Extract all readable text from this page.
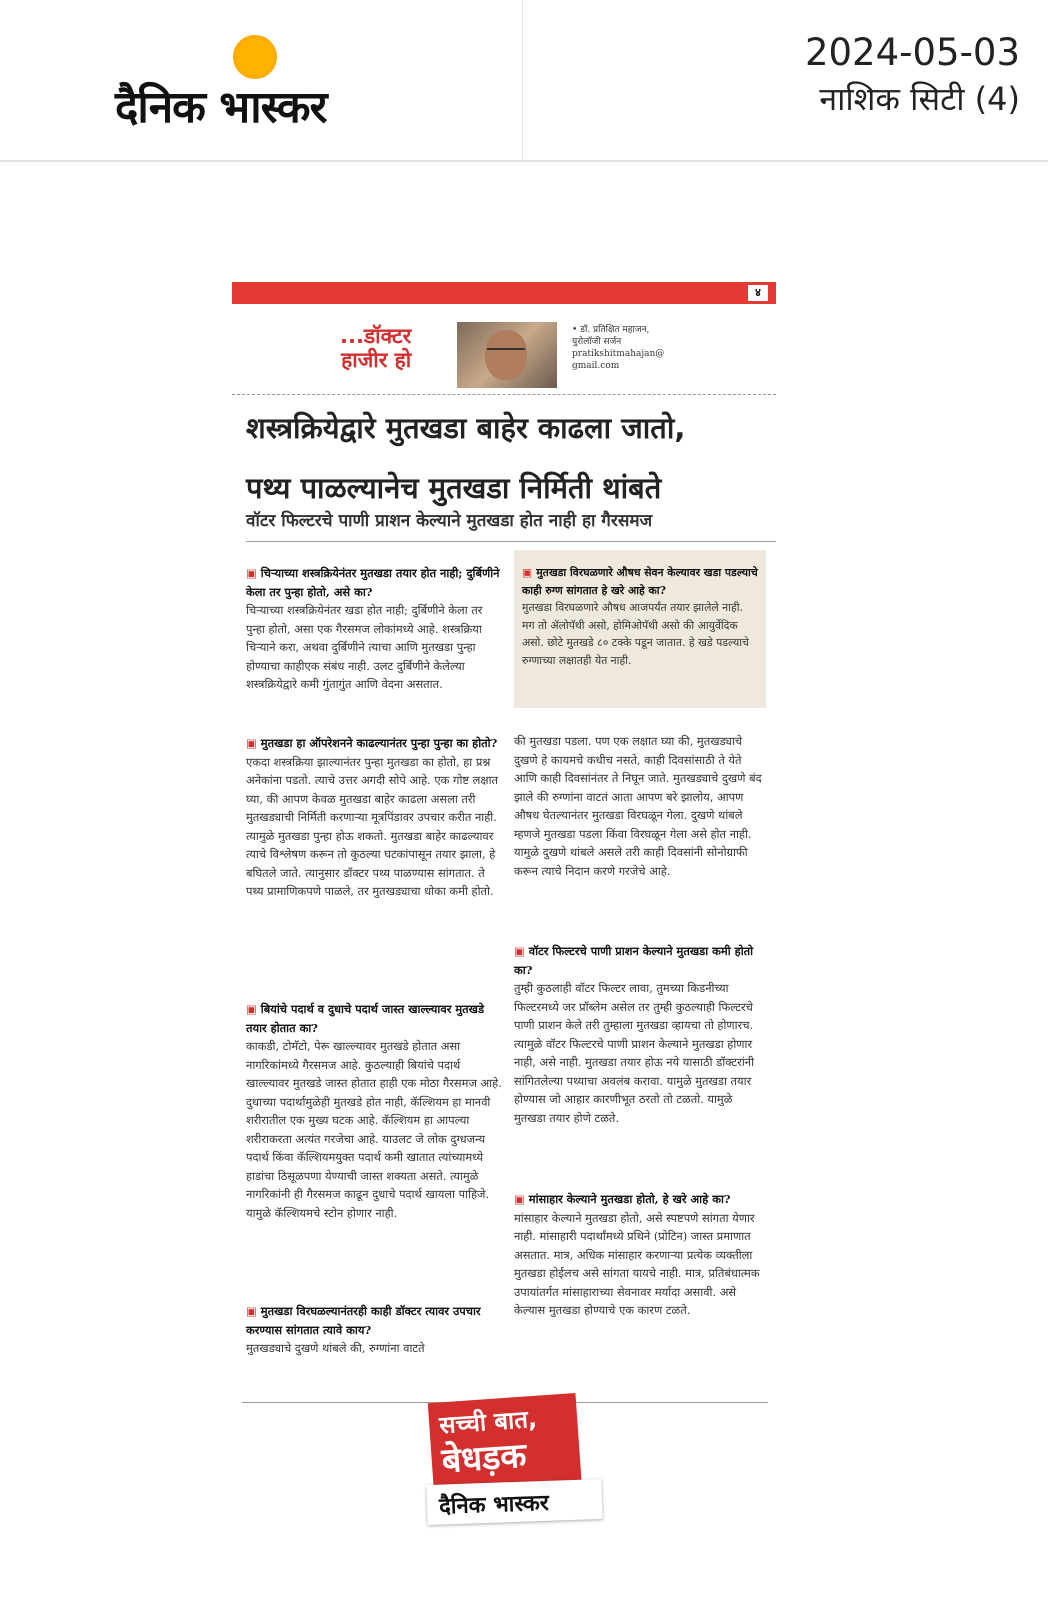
दैनिक भास्कर
2024-05-03
नाशिक सिटी (4)
४
...डॉक्टर
हाजीर हो
• डॉ. प्रतिक्षित महाजन,
युरोलॉजी सर्जन
pratikshitmahajan@
gmail.com
शस्त्रक्रियेद्वारे मुतखडा बाहेर काढला जातो,
पथ्य पाळल्यानेच मुतखडा निर्मिती थांबते
वॉटर फिल्टरचे पाणी प्राशन केल्याने मुतखडा होत नाही हा गैरसमज
▣ चिऱ्याच्या शस्त्रक्रियेनंतर मुतखडा तयार होत नाही; दुर्बिणीने केला तर पुन्हा होतो, असे का?
चिऱ्याच्या शस्त्रक्रियेनंतर खडा होत नाही; दुर्बिणीने केला तर पुन्हा होतो, असा एक गैरसमज लोकांमध्ये आहे. शस्त्रक्रिया चिऱ्याने करा, अथवा दुर्बिणीने त्याचा आणि मुतखडा पुन्हा होण्याचा काहीएक संबंध नाही. उलट दुर्बिणीने केलेल्या शस्त्रक्रियेद्वारे कमी गुंतागुंत आणि वेदना असतात.
▣ मुतखडा हा ऑपरेशनने काढल्यानंतर पुन्हा पुन्हा का होतो?
एकदा शस्त्रक्रिया झाल्यानंतर पुन्हा मुतखडा का होतो, हा प्रश्न अनेकांना पडतो. त्याचे उत्तर अगदी सोपे आहे. एक गोष्ट लक्षात घ्या, की आपण केवळ मुतखडा बाहेर काढला असला तरी मुतखड्याची निर्मिती करणाऱ्या मूत्रपिंडावर उपचार करीत नाही. त्यामुळे मुतखडा पुन्हा होऊ शकतो. मुतखडा बाहेर काढल्यावर त्याचे विश्लेषण करून तो कुठल्या घटकांपासून तयार झाला, हे बघितले जाते. त्यानुसार डॉक्टर पथ्य पाळण्यास सांगतात. ते पथ्य प्रामाणिकपणे पाळले, तर मुतखड्याचा धोका कमी होतो.
▣ बियांचे पदार्थ व दुधाचे पदार्थ जास्त खाल्ल्यावर मुतखडे तयार होतात का?
काकडी, टोमॅटो, पेरू खाल्ल्यावर मुतखडे होतात असा नागरिकांमध्ये गैरसमज आहे. कुठल्याही बियांचे पदार्थ खाल्ल्यावर मुतखडे जास्त होतात हाही एक मोठा गैरसमज आहे. दुधाच्या पदार्थामुळेही मुतखडे होत नाही, कॅल्शियम हा मानवी शरीरातील एक मुख्य घटक आहे. कॅल्शियम हा आपल्या शरीराकरता अत्यंत गरजेचा आहे. याउलट जे लोक दुग्धजन्य पदार्थ किंवा कॅल्शियमयुक्त पदार्थ कमी खातात त्यांच्यामध्ये हाडांचा ठिसूळपणा येण्याची जास्त शक्यता असते. त्यामुळे नागरिकांनी ही गैरसमज काढून दुधाचे पदार्थ खायला पाहिजे. यामुळे कॅल्शियमचे स्टोन होणार नाही.
▣ मुतखडा विरघळल्यानंतरही काही डॉक्टर त्यावर उपचार करण्यास सांगतात त्यावे काय?
मुतखड्याचे दुखणे थांबले की, रुग्णांना वाटते
▣ मुतखडा विरघळणारे औषध सेवन केल्यावर खडा पडल्याचे काही रुग्ण सांगतात हे खरे आहे का?
मुतखडा विरघळणारे औषध आजपर्यंत तयार झालेले नाही. मग तो ॲलोपॅथी असो, होमिओपॅथी असो की आयुर्वेदिक असो. छोटे मुतखडे ८० टक्के पडून जातात. हे खडे पडल्याचे रुग्णाच्या लक्षातही येत नाही.
की मुतखडा पडला. पण एक लक्षात घ्या की, मुतखड्याचे दुखणे हे कायमचे कधीच नसते, काही दिवसांसाठी ते येते आणि काही दिवसांनंतर ते निघून जाते. मुतखड्याचे दुखणे बंद झाले की रुग्णांना वाटतं आता आपण बरे झालोय, आपण औषध घेतल्यानंतर मुतखडा विरघळून गेला. दुखणे थांबले म्हणजे मुतखडा पडला किंवा विरघळून गेला असे होत नाही. यामुळे दुखणे थांबले असले तरी काही दिवसांनी सोनोग्राफी करून त्याचे निदान करणे गरजेचे आहे.
▣ वॉटर फिल्टरचे पाणी प्राशन केल्याने मुतखडा कमी होतो का?
तुम्ही कुठलाही वॉटर फिल्टर लावा, तुमच्या किडनीच्या फिल्टरमध्ये जर प्रॉब्लेम असेल तर तुम्ही कुठल्याही फिल्टरचे पाणी प्राशन केले तरी तुम्हाला मुतखडा व्हायचा तो होणारच. त्यामुळे वॉटर फिल्टरचे पाणी प्राशन केल्याने मुतखडा होणार नाही, असे नाही. मुतखडा तयार होऊ नये यासाठी डॉक्टरांनी सांगितलेल्या पथ्याचा अवलंब करावा. यामुळे मुतखडा तयार होण्यास जो आहार कारणीभूत ठरतो तो टळतो. यामुळे मुतखडा तयार होणे टळते.
▣ मांसाहार केल्याने मुतखडा होतो, हे खरे आहे का?
मांसाहार केल्याने मुतखडा होतो, असे स्पष्टपणे सांगता येणार नाही. मांसाहारी पदार्थांमध्ये प्रथिने (प्रोटिन) जास्त प्रमाणात असतात. मात्र, अधिक मांसाहार करणाऱ्या प्रत्येक व्यक्तीला मुतखडा होईलच असे सांगता यायचे नाही. मात्र, प्रतिबंधात्मक उपायांतर्गत मांसाहाराच्या सेवनावर मर्यादा असावी. असे केल्यास मुतखडा होण्याचे एक कारण टळते.
सच्ची बात,
बेधड़क
दैनिक भास्कर
